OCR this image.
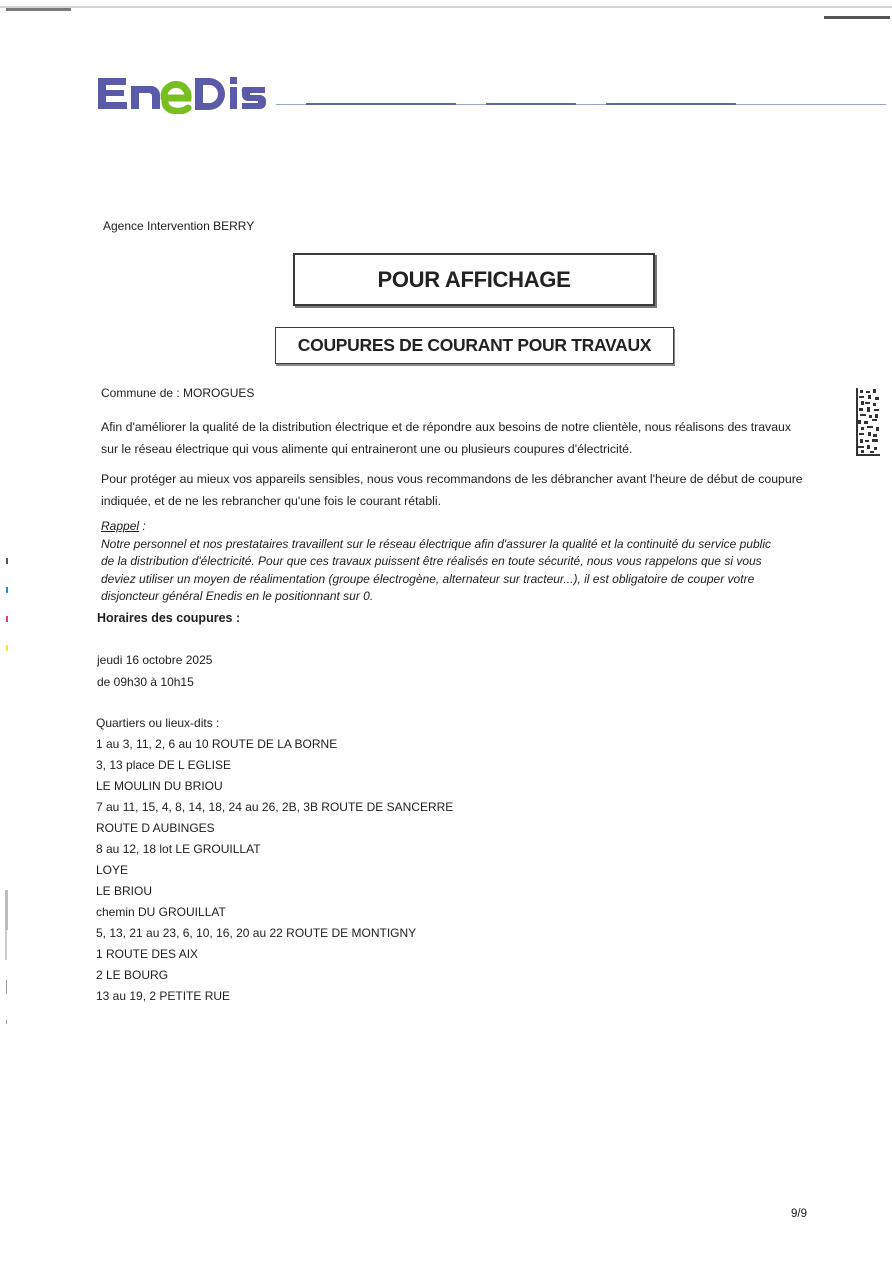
Agence Intervention BERRY
POUR AFFICHAGE
COUPURES DE COURANT POUR TRAVAUX
Commune de : MOROGUES
Afin d'améliorer la qualité de la distribution électrique et de répondre aux besoins de notre clientèle, nous réalisons des travaux
sur le réseau électrique qui vous alimente qui entraineront une ou plusieurs coupures d'électricité.
Pour protéger au mieux vos appareils sensibles, nous vous recommandons de les débrancher avant l'heure de début de coupure
indiquée, et de ne les rebrancher qu'une fois le courant rétabli.

Rappel :

Notre personnel et nos prestataires travaillent sur le réseau électrique afin d'assurer la qualité et la continuité du service public

de la distribution d'électricité. Pour que ces travaux puissent être réalisés en toute sécurité, nous vous rappelons que si vous

deviez utiliser un moyen de réalimentation (groupe électrogène, alternateur sur tracteur...), il est obligatoire de couper votre

disjoncteur général Enedis en le positionnant sur 0.

Horaires des coupures :
jeudi 16 octobre 2025
de 09h30 à 10h15
Quartiers ou lieux-dits :
1 au 3, 11, 2, 6 au 10 ROUTE DE LA BORNE
3, 13 place DE L EGLISE
LE MOULIN DU BRIOU
7 au 11, 15, 4, 8, 14, 18, 24 au 26, 2B, 3B ROUTE DE SANCERRE
ROUTE D AUBINGES
8 au 12, 18 lot LE GROUILLAT
LOYE
LE BRIOU
chemin DU GROUILLAT
5, 13, 21 au 23, 6, 10, 16, 20 au 22 ROUTE DE MONTIGNY
1 ROUTE DES AIX
2 LE BOURG
13 au 19, 2 PETITE RUE
9/9
